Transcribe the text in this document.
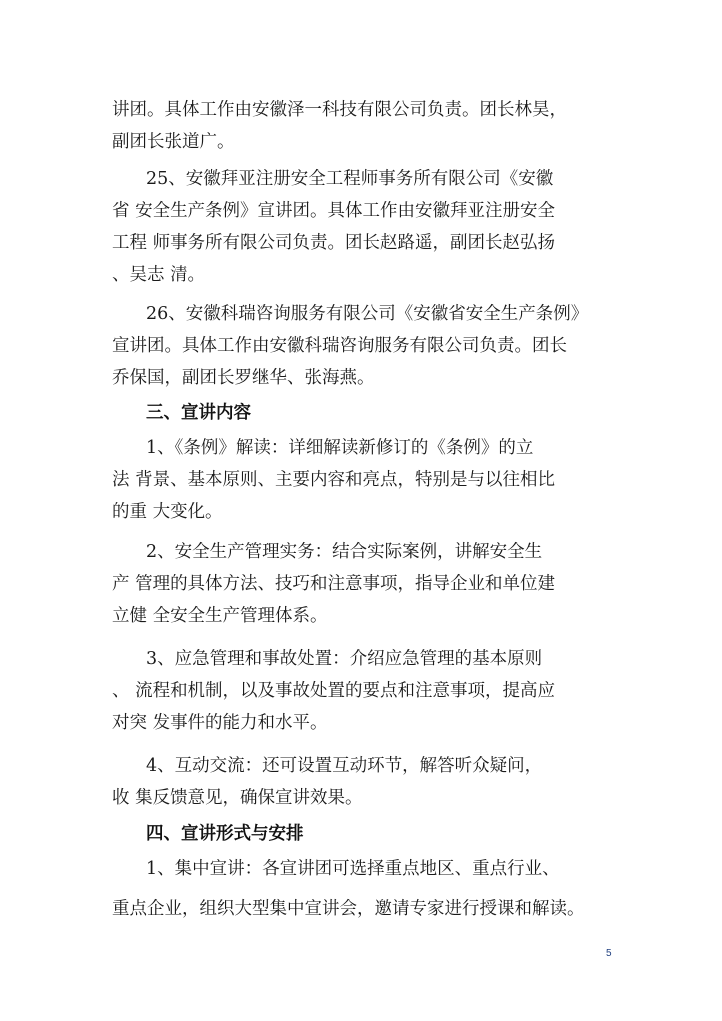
讲团。具体工作由安徽泽一科技有限公司负责。团长林昊，
副团长张道广。
25、安徽拜亚注册安全工程师事务所有限公司《安徽
省 安全生产条例》宣讲团。具体工作由安徽拜亚注册安全
工程 师事务所有限公司负责。团长赵路遥，副团长赵弘扬
、吴志 清。
26、安徽科瑞咨询服务有限公司《安徽省安全生产条例》
宣讲团。具体工作由安徽科瑞咨询服务有限公司负责。团长
乔保国，副团长罗继华、张海燕。
三、宣讲内容
1、《条例》解读：详细解读新修订的《条例》的立
法 背景、基本原则、主要内容和亮点，特别是与以往相比
的重 大变化。
2、安全生产管理实务：结合实际案例，讲解安全生
产 管理的具体方法、技巧和注意事项，指导企业和单位建
立健 全安全生产管理体系。
3、应急管理和事故处置：介绍应急管理的基本原则
、 流程和机制，以及事故处置的要点和注意事项，提高应
对突 发事件的能力和水平。
4、互动交流：还可设置互动环节，解答听众疑问，
收 集反馈意见，确保宣讲效果。
四、宣讲形式与安排
1、集中宣讲：各宣讲团可选择重点地区、重点行业、
重点企业，组织大型集中宣讲会，邀请专家进行授课和解读。
5
